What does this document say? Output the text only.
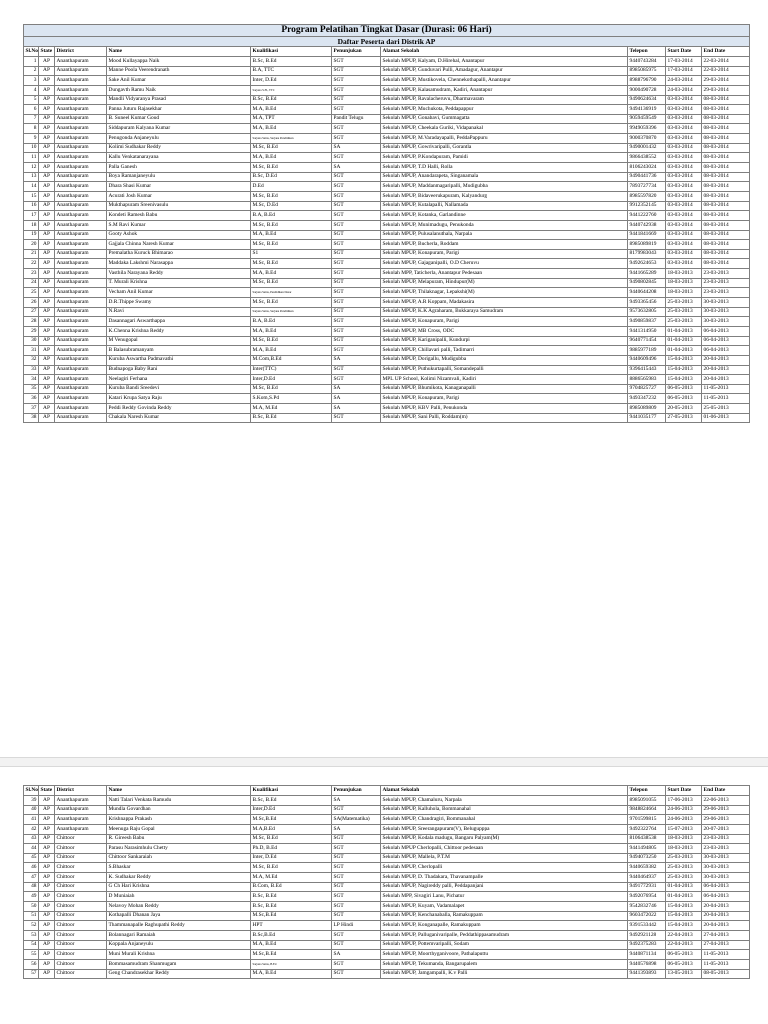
Program Pelatihan Tingkat Dasar (Durasi: 06 Hari)									
Daftar Peserta dari Distrik AP									
Sl.No	State	District	Name	Kualifikasi	Penunjukan	Alamat Sekolah	Telepon	Start Date	End Date
1	AP	Ananthapuram	Mood Kullayappa Naik	B.Sc, B.Ed	SGT	Sekolah MPUP, Kalyam, D.Hirehal, Anantapur	9440743284	17-03-2014	22-03-2014
2	AP	Ananthapuram	Manne Poola Veerendranath	B.A, TTC	SGT	Sekolah MPUP, Gunduvari Pulli, Amadagur, Anantapur	8985085975	17-03-2014	22-03-2014
3	AP	Ananthapuram	Sake Anil Kumar	Inter, D.Ed	SGT	Sekolah MPUP, Mustikovela, Chennekothapalli, Anantapur	8988796790	24-03-2014	29-03-2014
4	AP	Ananthapuram	Dungavth Ramu Naik	Sarjana S.H., TTC	SGT	Sekolah MPUP, Kalasamudram, Kadiri, Anantapur	9000490728	24-03-2014	29-03-2014
5	AP	Ananthapuram	Mandli Vidyaranya Prasad	B.Sc, B.Ed	SGT	Sekolah MPUP, Ravalacheruvu, Dharmavaram	9490624634	03-03-2014	08-03-2014
6	AP	Ananthapuram	Panna Juturu Rajasekhar	M.A, B.Ed	SGT	Sekolah MPUP, Muchukota, Peddapappur	9494136919	03-03-2014	08-03-2014
7	AP	Ananthapuram	B. Suneel Kumar Goud	M.A, TPT	Pandit Telugu	Sekolah MPUP, Gonabavi, Gummagatta	9059459549	03-03-2014	08-03-2014
8	AP	Ananthapuram	Siddapuram Kalyana Kumar	M.A, B.Ed	SGT	Sekolah MPUP, Cheekala Guriki, Vidapanakal	9949059396	03-03-2014	08-03-2014
9	AP	Ananthapuram	Penugonda Anjaneyulu	Sarjana Sains, Sarjana Pendidikan	SGT	Sekolah MPUP, M.Varadayapalli, PeddaPappuru	9000370870	03-03-2014	08-03-2014
10	AP	Ananthapuram	Kolimi Sudhakar Reddy	M.Sc, B.Ed	SA	Sekolah MPUP, Gowrivaripalli, Gorantla	9490001432	03-03-2014	08-03-2014
11	AP	Ananthapuram	Kallu Venkatanarayana	M.A, B.Ed	SGT	Sekolah MPUP, P.Kondapuram, Pamidi	9866438552	03-03-2014	08-03-2014
12	AP	Ananthapuram	Palla Ganesh	M.Sc, B.Ed	SA	Sekolah MPUP, T.D Halli, Rolla	8106243024	03-03-2014	08-03-2014
13	AP	Ananthapuram	Boya Ramanjaneyulu	B.Sc, D.Ed	SGT	Sekolah MPUP, Anandarapeta, Singanamala	9490441736	03-03-2014	08-03-2014
14	AP	Ananthapuram	Dhara Shasi Kumar	D.Ed	SGT	Sekolah MPUP, Maddanmagaripalli, Mudigubba	7893727734	03-03-2014	08-03-2014
15	AP	Ananthapuram	Acurati Josh Kumar	M.Sc, B.Ed	SGT	Sekolah MPUP, Bidaveerukapuram, Kalyandurg	8985597820	03-03-2014	08-03-2014
16	AP	Ananthapuram	Mukthapuram Sreenivasulu	M.Sc, D.Ed	SGT	Sekolah MPUP, Kutalapalli, Nallamada	9912352145	03-03-2014	08-03-2014
17	AP	Ananthapuram	Kondeti Ramesh Babu	B.A, B.Ed	SGT	Sekolah MPUP, Kotanka, Garlandinne	9441222760	03-03-2014	08-03-2014
18	AP	Ananthapuram	S.M Ravi Kumar	M.Sc, B.Ed	SGT	Sekolah MPUP, Munimadugu, Penukonda	9440742938	03-03-2014	08-03-2014
19	AP	Ananthapuram	Gooty Ashok	M.A, B.Ed	SGT	Sekolah MPUP, Pulusalanuthala, Narpala	9441841669	03-03-2014	08-03-2014
20	AP	Ananthapuram	Gajjala Chinna Naresh Kumar	M.Sc, B.Ed	SGT	Sekolah MPUP, Bucherla, Roddam	8985089819	03-03-2014	08-03-2014
21	AP	Ananthapuram	Premalatha Kuruck Bhimarao	S1	SGT	Sekolah MPUP, Konapuram, Parigi	8179983043	03-03-2014	08-03-2014
22	AP	Ananthapuram	Maddaka Lakshmi Narasappa	M.Sc, B.Ed	SGT	Sekolah MPUP, Gajaganipalli, O.D Cheruvu	9492624653	03-03-2014	08-03-2014
23	AP	Ananthapuram	Vasthila Narayana Reddy	M.A, B.Ed	SGT	Sekolah MPP, Taticherla, Anantapur Pedesaan	9441665289	18-03-2013	23-03-2013
24	AP	Ananthapuram	T. Murali Krishna	M.Sc, B.Ed	SGT	Sekolah MPUP, Melapuram, Hindupur(M)	9490802845	18-03-2013	23-03-2013
25	AP	Ananthapuram	Vecham Anil Kumar	Sarjana Sains, Pendidikan Dasar	SGT	Sekolah MPUP, Thilaknagar, Lepakshi(M)	9440644208	18-03-2013	23-03-2013
26	AP	Ananthapuram	D.R.Thippe Swamy	M.Sc, B.Ed	SGT	Sekolah MPUP, A.R Koppam, Madakasira	9493365456	25-03-2013	30-03-2013
27	AP	Ananthapuram	N.Ravi	Sarjana Sains, Sarjana Pendidikan	SGT	Sekolah MPUP, K.K Agraharam, Bukkaraya Samudram	9573632805	25-03-2013	30-03-2013
28	AP	Ananthapuram	Dasannagari Aswarthappa	B.A, B.Ed	SGT	Sekolah MPUP, Konapuram, Parigi	9490859837	25-03-2013	30-03-2013
29	AP	Ananthapuram	K.Chenna Krishna Reddy	M.A, B.Ed	SGT	Sekolah MPUP, MB Cross, ODC	9441314950	01-04-2013	06-04-2013
30	AP	Ananthapuram	M Venugopal	M.Sc, B.Ed	SGT	Sekolah MPUP, Kariganipalli, Kundurpi	9640771454	01-04-2013	06-04-2013
31	AP	Ananthapuram	B Balasubramanyam	M.A, B.Ed	SGT	Sekolah MPUP, Chillavari palli, Tadimarri	9885977189	01-04-2013	06-04-2013
32	AP	Ananthapuram	Kuruba Aswartha Padmavathi	M.Com,B.Ed	SA	Sekolah MPUP, Dorigallu, Mudigubba	9440609496	15-04-2013	20-04-2013
33	AP	Ananthapuram	Budnapoga Baby Rani	Inter(TTC)	SGT	Sekolah MPUP, Puthukurtapalli, Somandepalli	9396415443	15-04-2013	20-04-2013
34	AP	Ananthapuram	Neelagiri Ferhana	Inter,D.Ed	SGT	MPL UP School, Kolimi Nizamvali, Kadiri	8886565983	15-04-2013	20-04-2013
35	AP	Ananthapuram	Kuruba Bandi Sreedevi	M.Sc, B.Ed	SA	Sekolah MPUP, Bhumikota, Kanaganapalli	9704825727	06-05-2013	11-05-2013
36	AP	Ananthapuram	Katari Krupa Satya Raju	S.Kom,S.Pd	SA	Sekolah MPUP, Konapuram, Parigi	9493347232	06-05-2013	11-05-2013
37	AP	Ananthapuram	Peddi Reddy Govinda Reddy	M.A, M.Ed	SA	Sekolah MPUP, KBV Palli, Penukonda	8985089809	20-05-2013	25-05-2013
38	AP	Ananthapuram	Chakala Naresh Kumar	B.Sc, B.Ed	SGT	Sekolah MPUP, Sani Palli, Roddam(m)	9441035177	27-05-2013	01-06-2013
Sl.No	State	District	Name	Kualifikasi	Penunjukan	Alamat Sekolah	Telepon	Start Date	End Date
39	AP	Ananthapuram	Natti Talari Venkata Ramudu	B.Sc, B.Ed	SA	Sekolah MPUP, Chamaluru, Narpala	8985091055	17-06-2013	22-06-2013
40	AP	Ananthapuram	Mundla Govardhan	Inter,D.Ed	SGT	Sekolah MPUP, Kalluhola, Bommanahal	9848824664	24-06-2013	29-06-2013
41	AP	Ananthapuram	Krishnappa Prakash	M.Sc,B.Ed	SA(Matematika)	Sekolah MPUP, Chandragiri, Bommanahal	9701599815	24-06-2013	29-06-2013
42	AP	Ananthapuram	Meenuga Raju Gopal	M.A,B.Ed	SA	Sekolah MPUP, Sreerangapuram(V), Belugupppa	9492322764	15-07-2013	20-07-2013
43	AP	Chittoor	R. Gireesh Babu	M.Sc, B.Ed	SGT	Sekolah MPUP, Kodala madugu, Bangaru Palyam(M)	8106438538	18-03-2013	23-03-2013
44	AP	Chittoor	Parasu Narasimhulu Chetty	Ph.D, B.Ed	SGT	Sekolah MPUP Cherlopalli, Chittoor pedesaan	9441494805	18-03-2013	23-03-2013
45	AP	Chittoor	Chittoor Sankaraiah	Inter, D.Ed	SGT	Sekolah MPUP, Mallela, P.T.M	9494073250	25-03-2013	30-03-2013
46	AP	Chittoor	S.Bhaskar	M.Sc, B.Ed	SGT	Sekolah MPUP, Cherlopalli	9440659382	25-03-2013	30-03-2013
47	AP	Chittoor	K. Sudhakar Reddy	M.A, M.Ed	SGT	Sekolah MPUP, D. Thadakara, Thavanampalle	9440464937	25-03-2013	30-03-2013
48	AP	Chittoor	G Ch Hari Krishna	B.Com, B.Ed	SGT	Sekolah MPUP, Nagireddy palli, Peddapanjani	9491772931	01-04-2013	06-04-2013
49	AP	Chittoor	D Muniaiah	B.Sc, B.Ed	SGT	Sekolah MPP, Sivagiri Lanu, Pichatur	9492076954	01-04-2013	06-04-2013
50	AP	Chittoor	Nelavoy Mohan Reddy	B.Sc, B.Ed	SGT	Sekolah MPUP, Kuyam, Vadamalapet	9542832746	15-04-2013	20-04-2013
51	AP	Chittoor	Kothapalli Dhanan Jaya	M.Sc,B.Ed	SGT	Sekolah MPUP, Kenchanaballa, Ramakuppam	9603472022	15-04-2013	20-04-2013
52	AP	Chittoor	Thammanapalle Raghupathi Reddy	HPT	LP Hindi	Sekolah MPUP, Konganapalle, Ramakuppam	9391533442	15-04-2013	20-04-2013
53	AP	Chittoor	Bolannagari Ramaiah	B.Sc,B.Ed	SGT	Sekolah MPUP, Palluganivaripalle, Peddathippasamudram	9492921128	22-04-2013	27-04-2013
54	AP	Chittoor	Koppala Anjaneyulu	M.A, B.Ed	SGT	Sekolah MPUP, Pottemvaripalli, Sodam	9492375283	22-04-2013	27-04-2013
55	AP	Chittoor	Muni Murali Krishna	M.Sc,B.Ed	SA	Sekolah MPUP, Moorthyganivoore, Pathalaputtu	9440871134	06-05-2013	11-05-2013
56	AP	Chittoor	Bommasamudram Shanmugam	Sarjana Sains, B.Ed	SGT	Sekolah MPUP, Tekumanda, Bangarupalem	9440576898	06-05-2013	11-05-2013
57	AP	Chittoor	Geng Chandrasekhar Reddy	M.A, B.Ed	SGT	Sekolah MPUP, Jamgampalli, K.v Palli	9441393893	13-05-2013	08-05-2013
